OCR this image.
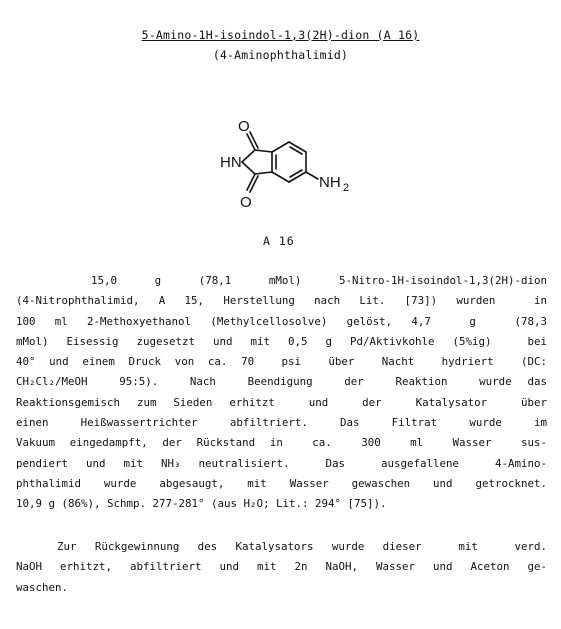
5-Amino-1H-isoindol-1,3(2H)-dion (A 16)
(4-Aminophthalimid)
O
HN
O
NH 2
A 16
15,0  g  (78,1  mMol)  5-Nitro-1H-isoindol-1,3(2H)-dion
(4-Nitrophthalimid, A 15, Herstellung nach Lit. [73]) wurden  in
100 ml 2-Methoxyethanol (Methylcellosolve) gelöst, 4,7  g  (78,3
mMol) Eisessig zugesetzt und mit 0,5 g Pd/Aktivkohle (5%ig)  bei
40° und einem Druck von ca. 70  psi  über  Nacht  hydriert  (DC:
CH₂Cl₂/MeOH  95:5).  Nach  Beendigung  der  Reaktion  wurde das
Reaktionsgemisch zum Sieden erhitzt  und  der  Katalysator  über
einen  Heißwassertrichter  abfiltriert.  Das  Filtrat  wurde  im
Vakuum eingedampft, der Rückstand in  ca.  300  ml  Wasser  sus-
pendiert und mit NH₃ neutralisiert.  Das  ausgefallene  4-Amino-
phthalimid wurde abgesaugt, mit Wasser gewaschen und getrocknet.
10,9 g (86%), Schmp. 277-281° (aus H₂O; Lit.: 294° [75]).
Zur Rückgewinnung des Katalysators wurde dieser  mit  verd.
NaOH erhitzt, abfiltriert und mit 2n NaOH, Wasser und Aceton ge-
waschen.
